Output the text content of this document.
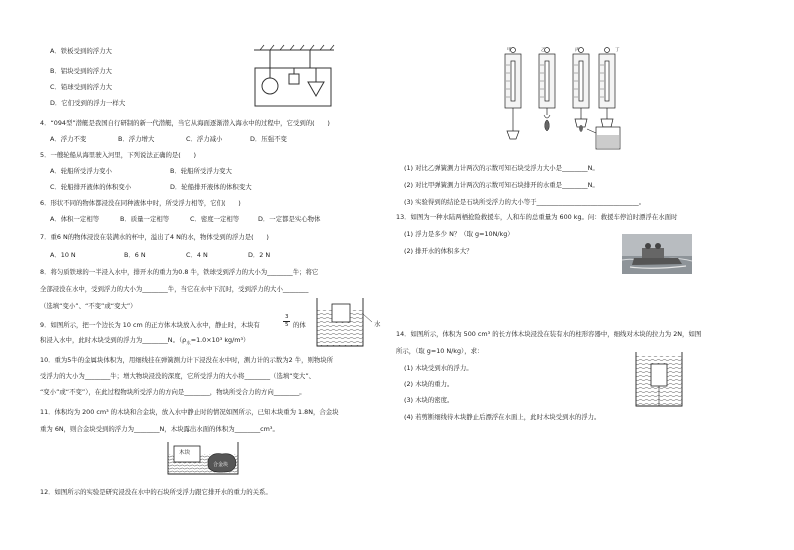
A．铁板受到的浮力大
B．铝块受到的浮力大
C．铅球受到的浮力大
D．它们受到的浮力一样大
4．“094型”潜艇是我国自行研制的新一代潜艇，当它从海面逐渐潜入海水中的过程中，它受到的(　　)
A．浮力不变	B．浮力增大	C．浮力减小	D．压强不变
5．一艘轮船从海里驶入河里，下列说法正确的是(　　)
A．轮船所受浮力变小	B．轮船所受浮力变大
C．轮船排开液体的体积变小	D．轮船排开液体的体积变大
6．形状不同的物体都浸没在同种液体中时，所受浮力相等，它们(　　)
A．体积一定相等	B．质量一定相等	C．密度一定相等	D．一定都是实心物体
7．重6 N的物体浸没在装满水的杯中，溢出了4 N的水，物体受到的浮力是(　　)
A．10 N	B．6 N	C．4 N	D．2 N
8．将匀质铁球的一半浸入水中，排开水的重力为0.8 牛，铁球受到浮力的大小为________牛；将它
全部浸没在水中，受到浮力的大小为________牛，当它在水中下沉时，受到浮力的大小________
（选填“变小”、“不变”或“变大”）
9．如图所示，把一个边长为 10 cm 的正方体木块放入水中，静止时，木块有
3
5 的体
积浸入水中，此时木块受到的浮力为________N。（$\rho_水=1.0\times 10^3$ kg/m³）
水
10．重为5牛的金属块体积为，用细线挂在弹簧测力计下浸没在水中时，测力计的示数为2 牛，则物块所
受浮力的大小为________牛；增大物块浸没的深度，它所受浮力的大小将________（选填“变大”、
“变小”或“不变”），在此过程物块所受浮力的方向是________，物块所受合力的方向________。
11．体积均为 200 cm³ 的木块和合金块，放入水中静止时的情况如图所示，已知木块重为 1.8N，合金块
重为 6N，则合金块受到的浮力为________N，木块露出水面的体积为________cm³。
木块
合金块
12．如图所示的实验是研究浸没在水中的石块所受浮力跟它排开水的重力的关系。
甲	乙	丙	丁
(1) 对比乙弹簧测力计两次的示数可知石块受浮力大小是________N。
(2) 对比甲弹簧测力计两次的示数可知石块排开的水重是________N。
(3) 实验得到的结论是石块所受浮力的大小等于________________________________。
13．如图为一种水陆两栖抢险救援车，人和车的总重量为 600 kg。问：救援车停泊时漂浮在水面时
(1) 浮力是多少 N？（取 g=10N/kg）
(2) 排开水的体积多大？
14．如图所示，体积为 500 cm³ 的长方体木块浸没在装有水的柱形容器中，细线对木块的拉力为 2N，如图
所示，（取 g=10 N/kg），求：
(1) 木块受到水的浮力。
(2) 木块的重力。
(3) 木块的密度。
(4) 若剪断细线待木块静止后漂浮在水面上，此时木块受到水的浮力。
